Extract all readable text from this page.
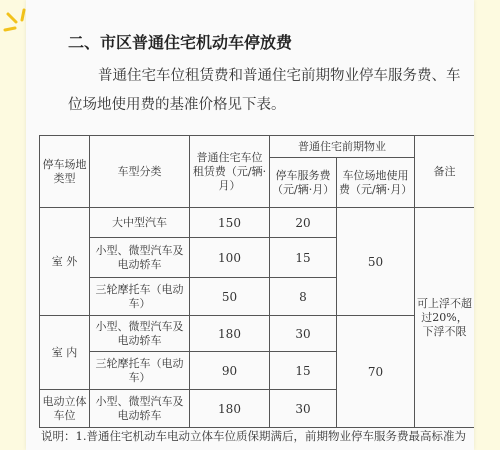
二、市区普通住宅机动车停放费
普通住宅车位租赁费和普通住宅前期物业停车服务费、车位场地使用费的基准价格见下表。
停车场地类型	车型分类	普通住宅车位租赁费（元/辆·月）	普通住宅前期物业		备注
			停车服务费（元/辆·月）	车位场地使用费（元/辆·月）	
室 外	大中型汽车	150	20	50	可上浮不超过20%，下浮不限
	小型、微型汽车及电动轿车	100	15		
	三轮摩托车（电动车）	50	8		
室 内	小型、微型汽车及电动轿车	180	30	70	
	三轮摩托车（电动车）	90	15		
电动立体车位	小型、微型汽车及电动轿车	180	30		
说明：1.普通住宅机动车电动立体车位质保期满后，前期物业停车服务费最高标准为
